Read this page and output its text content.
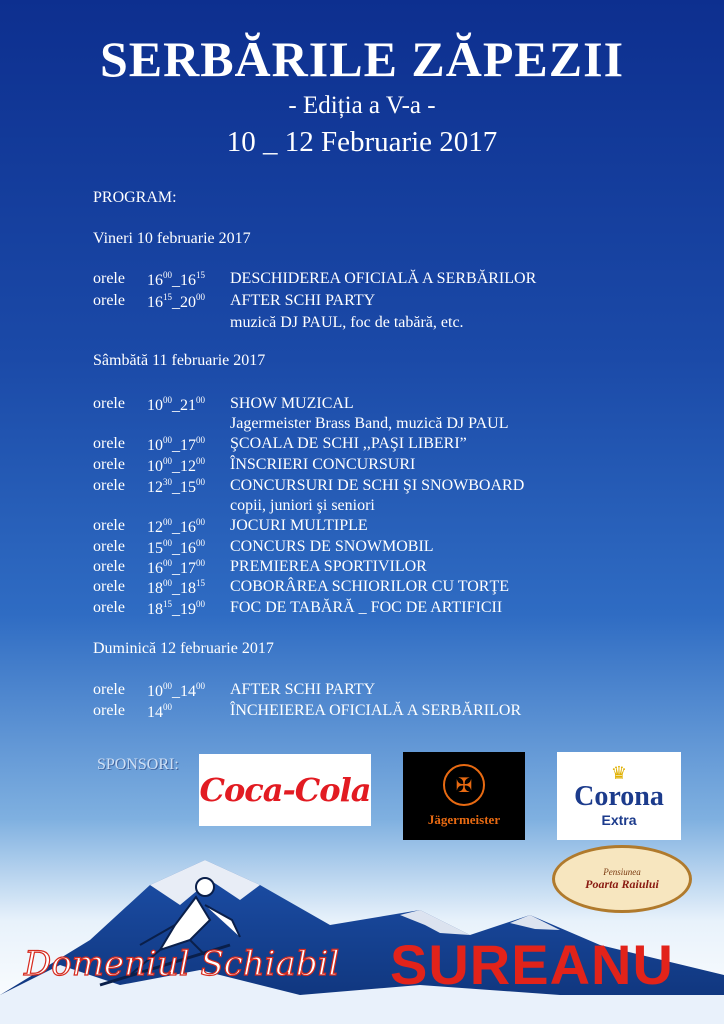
SERBĂRILE ZĂPEZII
- Ediția a V-a -
10 _ 12 Februarie 2017
PROGRAM:
Vineri 10 februarie 2017
orele $16^{00}\_16^{15}$ DESCHIDEREA OFICIALĂ A SERBĂRILOR
orele $16^{15}\_20^{00}$ AFTER SCHI PARTY
muzică DJ PAUL, foc de tabără, etc.
Sâmbătă 11 februarie 2017
orele $10^{00}\_21^{00}$ SHOW MUZICAL
Jagermeister Brass Band, muzică DJ PAUL
orele $10^{00}\_17^{00}$ ŞCOALA DE SCHI ,,PAŞI LIBERI”
orele $10^{00}\_12^{00}$ ÎNSCRIERI CONCURSURI
orele $12^{30}\_15^{00}$ CONCURSURI DE SCHI ŞI SNOWBOARD
copii, juniori şi seniori
orele $12^{00}\_16^{00}$ JOCURI MULTIPLE
orele $15^{00}\_16^{00}$ CONCURS DE SNOWMOBIL
orele $16^{00}\_17^{00}$ PREMIEREA SPORTIVILOR
orele $18^{00}\_18^{15}$ COBORÂREA SCHIORILOR CU TORŢE
orele $18^{15}\_19^{00}$ FOC DE TABĂRĂ _ FOC DE ARTIFICII
Duminică 12 februarie 2017
orele $10^{00}\_14^{00}$ AFTER SCHI PARTY
orele $14^{00}$	ÎNCHEIEREA OFICIALĂ A SERBĂRILOR
SPONSORI:
Coca-Cola	✠
Jägermeister
♛
Corona
Extra
Pensiunea
Poarta Raiului
Domeniul Schiabil SUREANU
